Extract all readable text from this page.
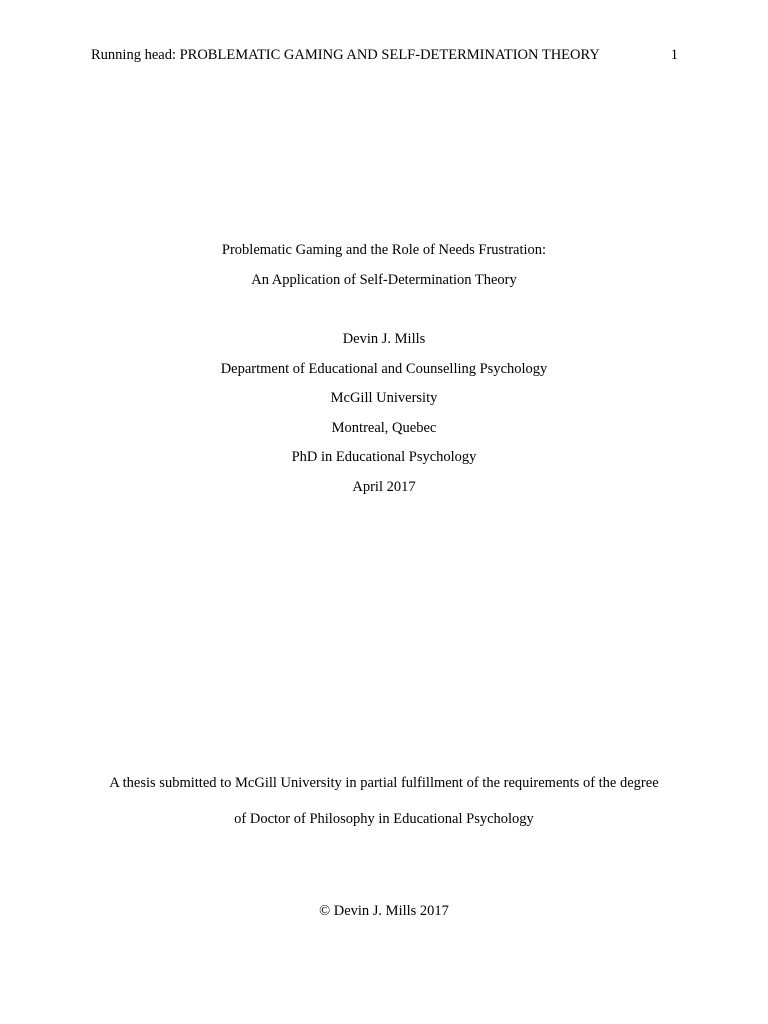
Running head: PROBLEMATIC GAMING AND SELF-DETERMINATION THEORY	1
Problematic Gaming and the Role of Needs Frustration:
An Application of Self-Determination Theory
Devin J. Mills
Department of Educational and Counselling Psychology
McGill University
Montreal, Quebec
PhD in Educational Psychology
April 2017
A thesis submitted to McGill University in partial fulfillment of the requirements of the degree
of Doctor of Philosophy in Educational Psychology
© Devin J. Mills 2017
